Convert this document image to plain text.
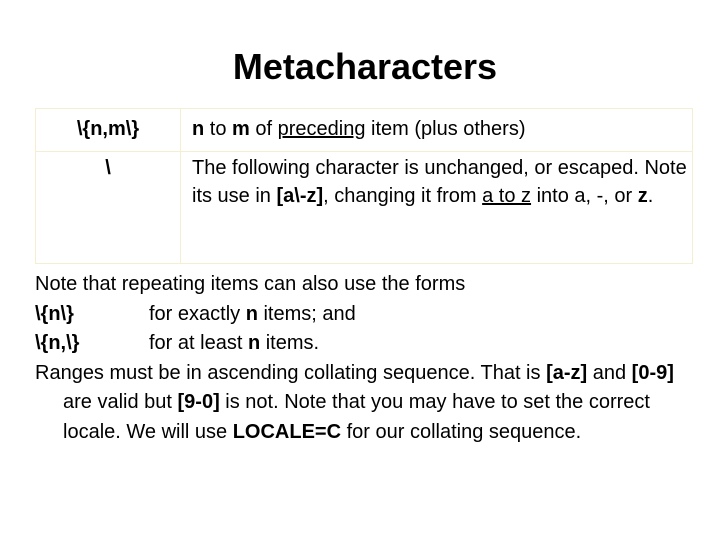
Metacharacters
\{n,m\}	n to m of preceding item (plus others)
\	The following character is unchanged, or escaped. Note its use in [a\-z], changing it from a to z into a, -, or z.

Note that repeating items can also use the forms

\{n\}	for exactly n items; and
\{n,\}	for at least n items.

Ranges must be in ascending collating sequence. That is [a-z] and [0-9] are valid but [9-0] is not. Note that you may have to set the correct locale. We will use LOCALE=C for our collating sequence.
